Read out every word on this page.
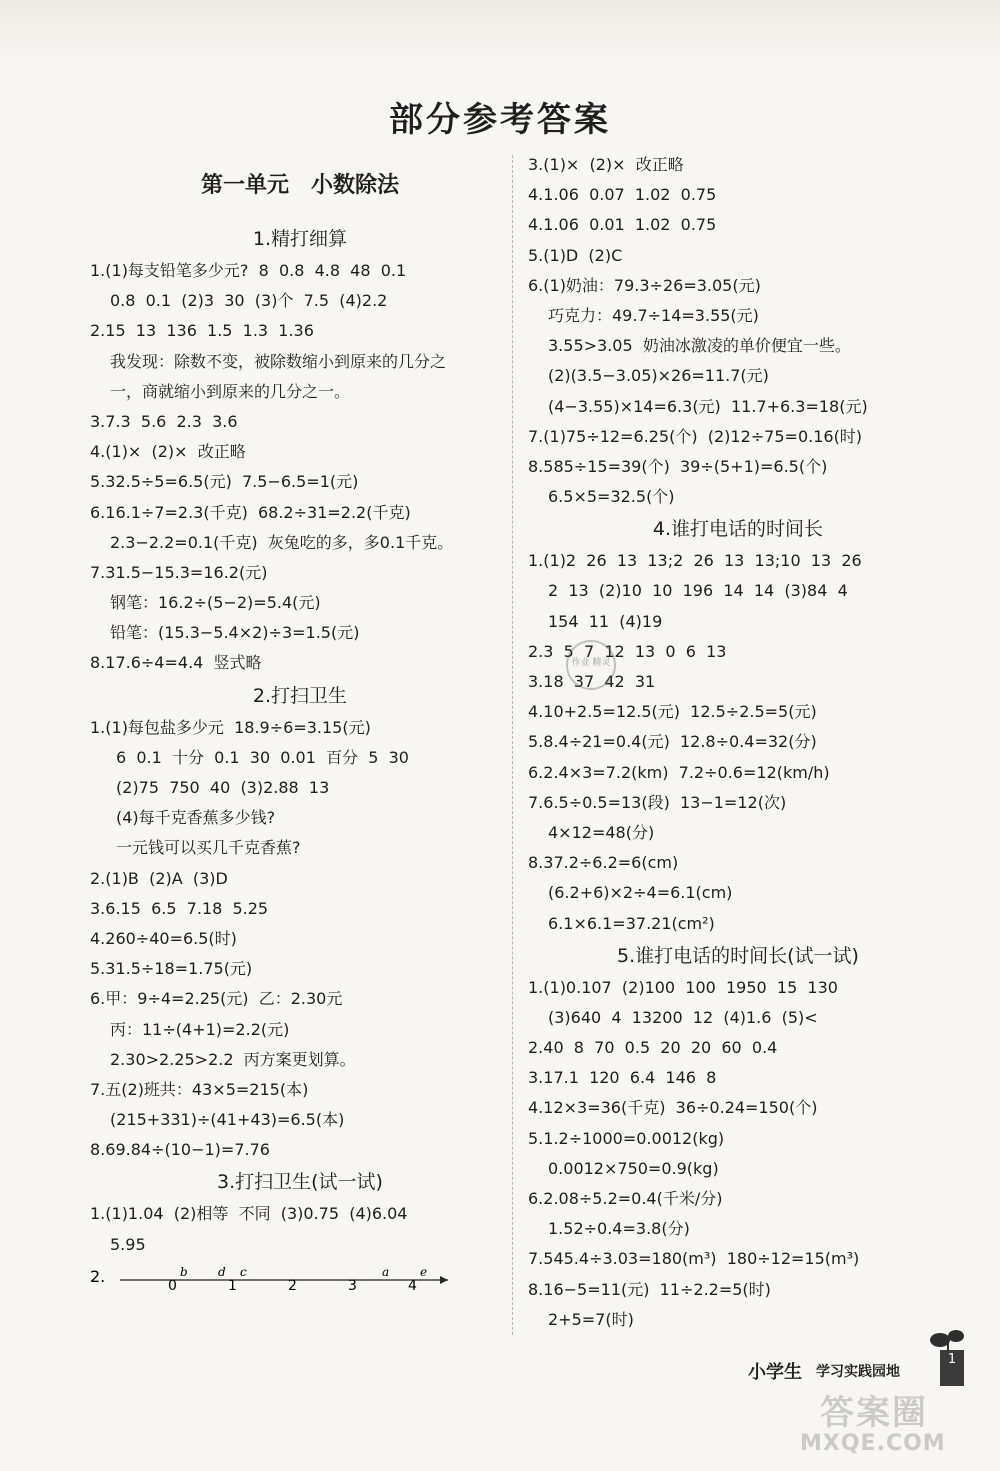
部分参考答案
第一单元　小数除法
1.精打细算
1.(1)每支铅笔多少元?  8  0.8  4.8  48  0.1
0.8  0.1  (2)3  30  (3)个  7.5  (4)2.2
2.15  13  136  1.5  1.3  1.36
我发现：除数不变，被除数缩小到原来的几分之
一，商就缩小到原来的几分之一。
3.7.3  5.6  2.3  3.6
4.(1)×  (2)×  改正略
5.32.5÷5=6.5(元)  7.5−6.5=1(元)
6.16.1÷7=2.3(千克)  68.2÷31=2.2(千克)
2.3−2.2=0.1(千克)  灰兔吃的多，多0.1千克。
7.31.5−15.3=16.2(元)
钢笔：16.2÷(5−2)=5.4(元)
铅笔：(15.3−5.4×2)÷3=1.5(元)
8.17.6÷4=4.4  竖式略
2.打扫卫生
1.(1)每包盐多少元  18.9÷6=3.15(元)
6  0.1  十分  0.1  30  0.01  百分  5  30
(2)75  750  40  (3)2.88  13
(4)每千克香蕉多少钱?
一元钱可以买几千克香蕉?
2.(1)B  (2)A  (3)D
3.6.15  6.5  7.18  5.25
4.260÷40=6.5(时)
5.31.5÷18=1.75(元)
6.甲：9÷4=2.25(元)  乙：2.30元
丙：11÷(4+1)=2.2(元)
2.30>2.25>2.2  丙方案更划算。
7.五(2)班共：43×5=215(本)
(215+331)÷(41+43)=6.5(本)
8.69.84÷(10−1)=7.76
3.打扫卫生(试一试)
1.(1)1.04  (2)相等  不同  (3)0.75  (4)6.04
5.95
2.	0	1	2	3	4
b	d c	a	e
3.(1)×  (2)×  改正略
4.1.06  0.07  1.02  0.75
4.1.06  0.01  1.02  0.75
5.(1)D  (2)C
6.(1)奶油：79.3÷26=3.05(元)
巧克力：49.7÷14=3.55(元)
3.55>3.05  奶油冰激凌的单价便宜一些。
(2)(3.5−3.05)×26=11.7(元)
(4−3.55)×14=6.3(元)  11.7+6.3=18(元)
7.(1)75÷12=6.25(个)  (2)12÷75=0.16(时)
8.585÷15=39(个)  39÷(5+1)=6.5(个)
6.5×5=32.5(个)
4.谁打电话的时间长
1.(1)2  26  13  13;2  26  13  13;10  13  26
2  13  (2)10  10  196  14  14  (3)84  4
154  11  (4)19
2.3  5  7  12  13  0  6  13
3.18  37  42  31
4.10+2.5=12.5(元)  12.5÷2.5=5(元)
5.8.4÷21=0.4(元)  12.8÷0.4=32(分)
6.2.4×3=7.2(km)  7.2÷0.6=12(km/h)
7.6.5÷0.5=13(段)  13−1=12(次)
4×12=48(分)
8.37.2÷6.2=6(cm)
(6.2+6)×2÷4=6.1(cm)
6.1×6.1=37.21(cm²)
5.谁打电话的时间长(试一试)
1.(1)0.107  (2)100  100  1950  15  130
(3)640  4  13200  12  (4)1.6  (5)<
2.40  8  70  0.5  20  20  60  0.4
3.17.1  120  6.4  146  8
4.12×3=36(千克)  36÷0.24=150(个)
5.1.2÷1000=0.0012(kg)
0.0012×750=0.9(kg)
6.2.08÷5.2=0.4(千米/分)
1.52÷0.4=3.8(分)
7.545.4÷3.03=180(m³)  180÷12=15(m³)
8.16−5=11(元)  11÷2.2=5(时)
2+5=7(时)

作业 精灵
小学生 学习实践园地
1
答案圈
MXQE.COM
